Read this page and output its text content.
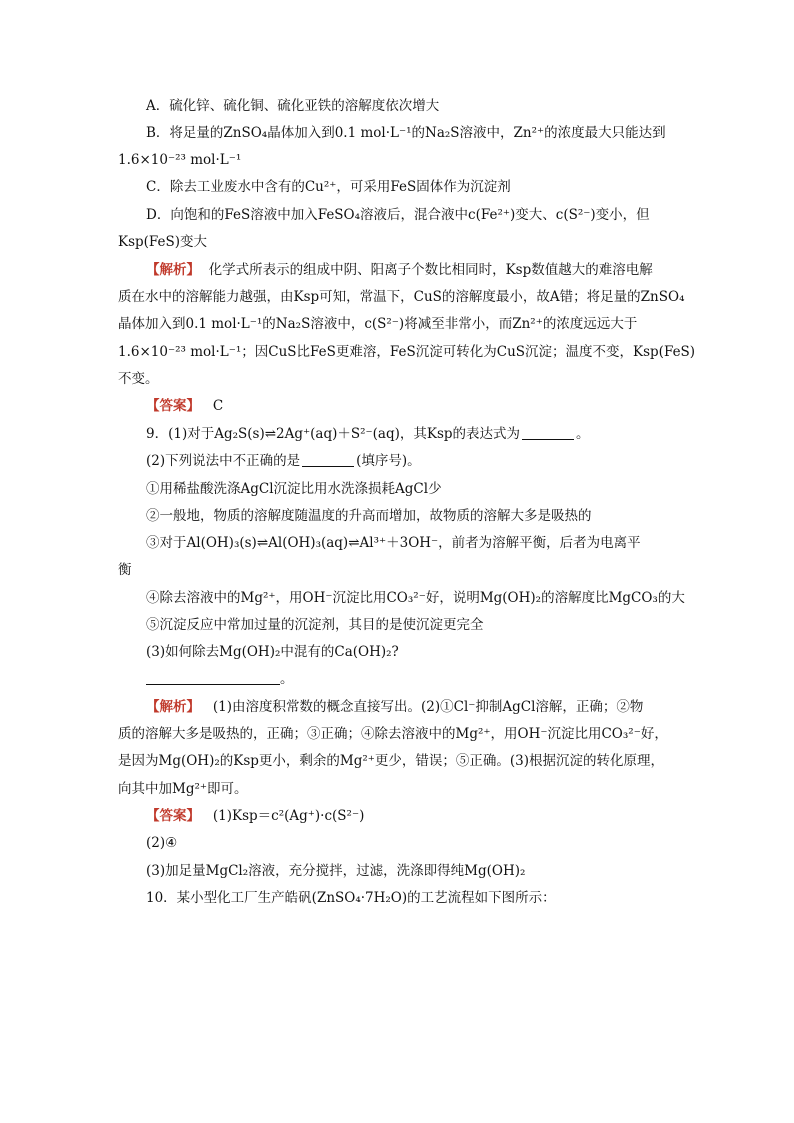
A．硫化锌、硫化铜、硫化亚铁的溶解度依次增大
B．将足量的ZnSO₄晶体加入到0.1 mol·L⁻¹的Na₂S溶液中，Zn²⁺的浓度最大只能达到
1.6×10⁻²³ mol·L⁻¹
C．除去工业废水中含有的Cu²⁺，可采用FeS固体作为沉淀剂
D．向饱和的FeS溶液中加入FeSO₄溶液后，混合液中c(Fe²⁺)变大、c(S²⁻)变小，但
Ksp(FeS)变大
【解析】 化学式所表示的组成中阴、阳离子个数比相同时，Ksp数值越大的难溶电解
质在水中的溶解能力越强，由Ksp可知，常温下，CuS的溶解度最小，故A错；将足量的ZnSO₄
晶体加入到0.1 mol·L⁻¹的Na₂S溶液中，c(S²⁻)将减至非常小，而Zn²⁺的浓度远远大于
1.6×10⁻²³ mol·L⁻¹；因CuS比FeS更难溶，FeS沉淀可转化为CuS沉淀；温度不变，Ksp(FeS)
不变。
【答案】 C
9．(1)对于Ag₂S(s)⇌2Ag⁺(aq)＋S²⁻(aq)，其Ksp的表达式为	。
(2)下列说法中不正确的是	(填序号)。
①用稀盐酸洗涤AgCl沉淀比用水洗涤损耗AgCl少
②一般地，物质的溶解度随温度的升高而增加，故物质的溶解大多是吸热的
③对于Al(OH)₃(s)⇌Al(OH)₃(aq)⇌Al³⁺＋3OH⁻，前者为溶解平衡，后者为电离平
衡
④除去溶液中的Mg²⁺，用OH⁻沉淀比用CO₃²⁻好，说明Mg(OH)₂的溶解度比MgCO₃的大
⑤沉淀反应中常加过量的沉淀剂，其目的是使沉淀更完全
(3)如何除去Mg(OH)₂中混有的Ca(OH)₂?
。
【解析】 (1)由溶度积常数的概念直接写出。(2)①Cl⁻抑制AgCl溶解，正确；②物
质的溶解大多是吸热的，正确；③正确；④除去溶液中的Mg²⁺，用OH⁻沉淀比用CO₃²⁻好，
是因为Mg(OH)₂的Ksp更小，剩余的Mg²⁺更少，错误；⑤正确。(3)根据沉淀的转化原理，
向其中加Mg²⁺即可。
【答案】 (1)Ksp＝c²(Ag⁺)·c(S²⁻)
(2)④
(3)加足量MgCl₂溶液，充分搅拌，过滤，洗涤即得纯Mg(OH)₂
10．某小型化工厂生产皓矾(ZnSO₄·7H₂O)的工艺流程如下图所示：
